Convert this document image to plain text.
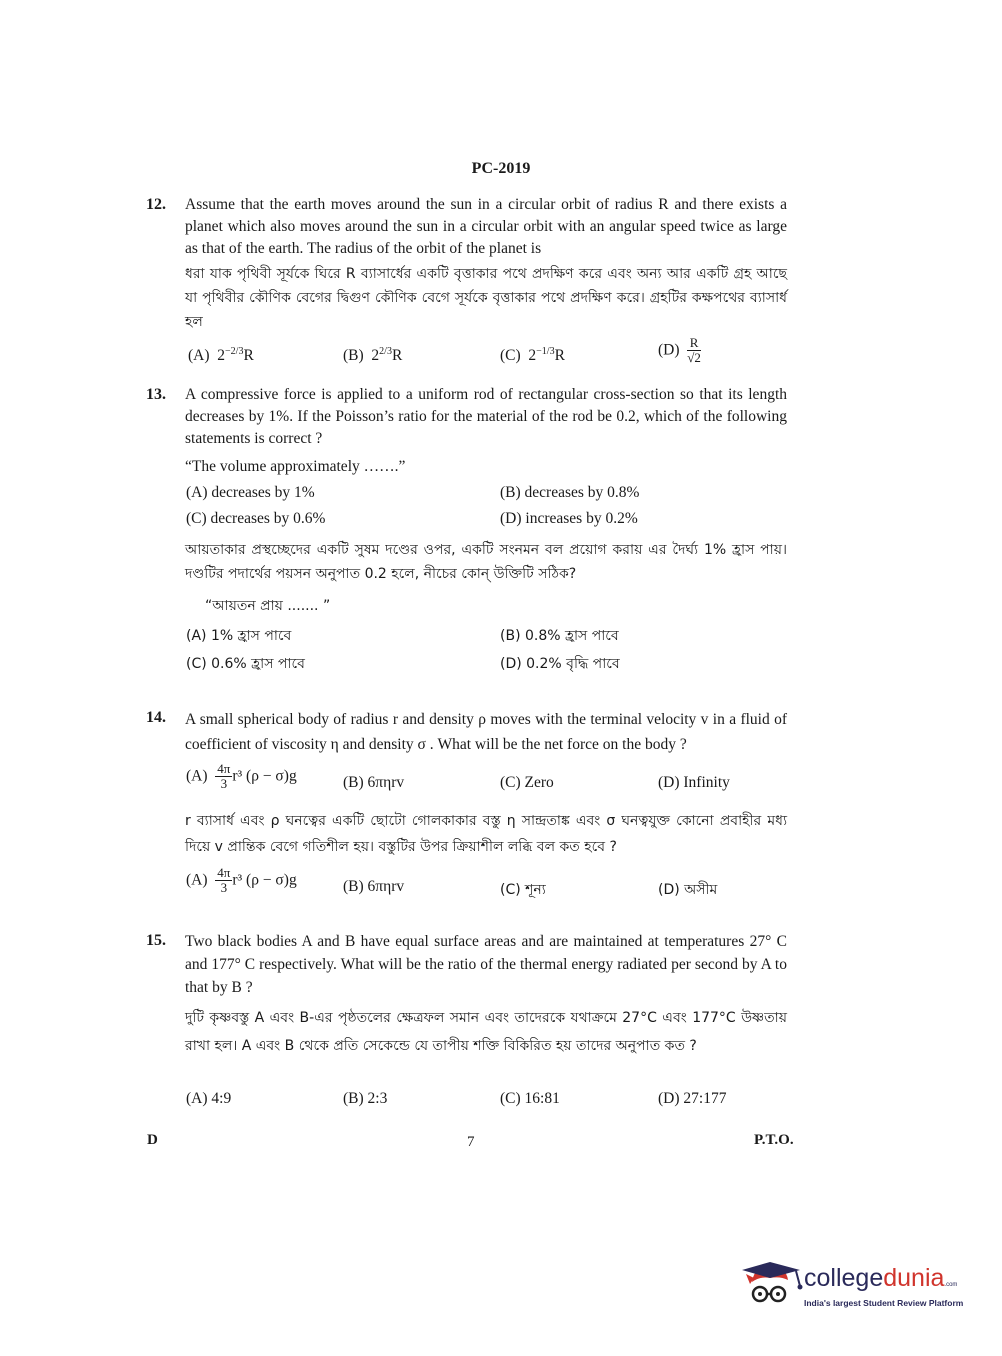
PC-2019
12. Assume that the earth moves around the sun in a circular orbit of radius R and there exists a planet which also moves around the sun in a circular orbit with an angular speed twice as large as that of the earth. The radius of the orbit of the planet is
ধরা যাক পৃথিবী সূর্যকে ঘিরে R ব্যাসার্ধের একটি বৃত্তাকার পথে প্রদক্ষিণ করে এবং অন্য আর একটি গ্রহ আছে যা পৃথিবীর কৌণিক বেগের দ্বিগুণ কৌণিক বেগে সূর্যকে বৃত্তাকার পথে প্রদক্ষিণ করে। গ্রহটির কক্ষপথের ব্যাসার্ধ হল
(A) $2^{-2/3}R$	(B) $2^{2/3}R$	(C) $2^{-1/3}R$	$(D) \frac{R}{√2}$
13. A compressive force is applied to a uniform rod of rectangular cross-section so that its length decreases by 1%. If the Poisson’s ratio for the material of the rod be 0.2, which of the following statements is correct ?
“The volume approximately …….”
(A) decreases by 1%	(B) decreases by 0.8%
(C) decreases by 0.6%	(D) increases by 0.2%
আয়তাকার প্রস্থচ্ছেদের একটি সুষম দণ্ডের ওপর, একটি সংনমন বল প্রয়োগ করায় এর দৈর্ঘ্য 1% হ্রাস পায়। দণ্ডটির পদার্থের পয়সন অনুপাত 0.2 হলে, নীচের কোন্ উক্তিটি সঠিক?
“আয়তন প্রায় ....... ”
(A) 1% হ্রাস পাবে	(B) 0.8% হ্রাস পাবে
(C) 0.6% হ্রাস পাবে	(D) 0.2% বৃদ্ধি পাবে
14. A small spherical body of radius r and density ρ moves with the terminal velocity v in a fluid of coefficient of viscosity η and density σ . What will be the net force on the body ?
$(A) \frac{4\pi}{3} r^3$ (ρ − σ)g	(B) 6πηrv	(C) Zero	(D) Infinity
r ব্যাসার্ধ এবং ρ ঘনত্বের একটি ছোটো গোলকাকার বস্তু η সান্দ্রতাঙ্ক এবং σ ঘনত্বযুক্ত কোনো প্রবাহীর মধ্য দিয়ে v প্রান্তিক বেগে গতিশীল হয়। বস্তুটির উপর ক্রিয়াশীল লব্ধি বল কত হবে ?
$(A) \frac{4\pi}{3} r^3$ (ρ − σ)g	(B) 6πηrv	(C) শূন্য	(D) অসীম
15. Two black bodies A and B have equal surface areas and are maintained at temperatures 27° C and 177° C respectively. What will be the ratio of the thermal energy radiated per second by A to that by B ?
দুটি কৃষ্ণবস্তু A এবং B-এর পৃষ্ঠতলের ক্ষেত্রফল সমান এবং তাদেরকে যথাক্রমে 27°C এবং 177°C উষ্ণতায় রাখা হল। A এবং B থেকে প্রতি সেকেন্ডে যে তাপীয় শক্তি বিকিরিত হয় তাদের অনুপাত কত ?
(A) 4:9	(B) 2:3	(C) 16:81	(D) 27:177
D	7	P.T.O.
collegedunia.com
India's largest Student Review Platform
